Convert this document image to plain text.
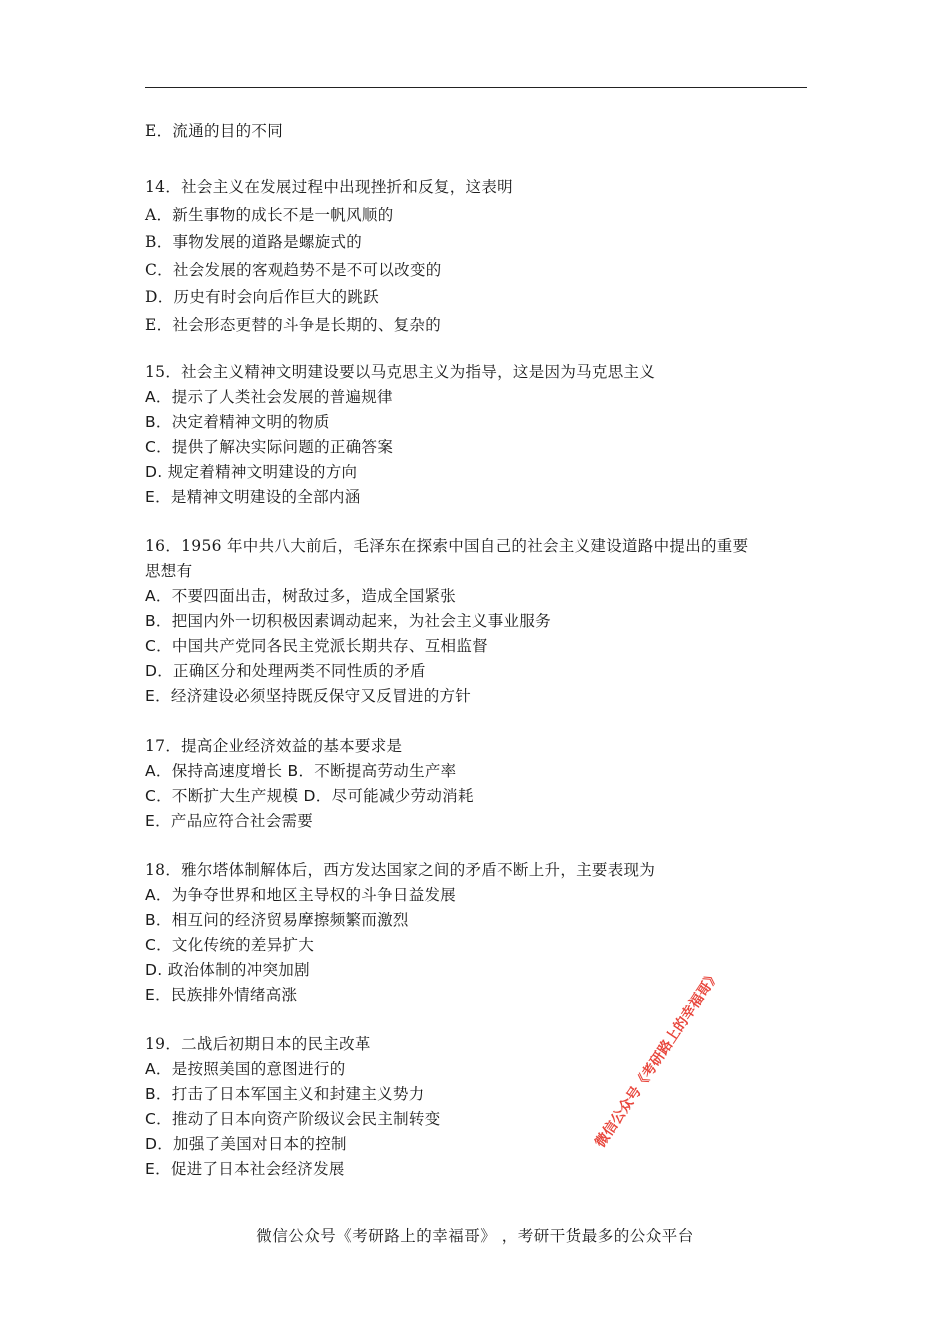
E．流通的目的不同
14．社会主义在发展过程中出现挫折和反复，这表明
A．新生事物的成长不是一帆风顺的
B．事物发展的道路是螺旋式的
C．社会发展的客观趋势不是不可以改变的
D．历史有时会向后作巨大的跳跃
E．社会形态更替的斗争是长期的、复杂的
15．社会主义精神文明建设要以马克思主义为指导，这是因为马克思主义
A．提示了人类社会发展的普遍规律
B．决定着精神文明的物质
C．提供了解决实际问题的正确答案
D. 规定着精神文明建设的方向
E．是精神文明建设的全部内涵
16．1956 年中共八大前后，毛泽东在探索中国自己的社会主义建设道路中提出的重要
思想有
A．不要四面出击，树敌过多，造成全国紧张
B．把国内外一切积极因素调动起来，为社会主义事业服务
C．中国共产党同各民主党派长期共存、互相监督
D．正确区分和处理两类不同性质的矛盾
E．经济建设必须坚持既反保守又反冒进的方针
17．提高企业经济效益的基本要求是
A．保持高速度增长 B．不断提高劳动生产率
C．不断扩大生产规模 D．尽可能减少劳动消耗
E．产品应符合社会需要
18．雅尔塔体制解体后，西方发达国家之间的矛盾不断上升，主要表现为
A．为争夺世界和地区主导权的斗争日益发展
B．相互问的经济贸易摩擦频繁而激烈
C．文化传统的差异扩大
D. 政治体制的冲突加剧
E．民族排外情绪高涨
19．二战后初期日本的民主改革
A．是按照美国的意图进行的
B．打击了日本军国主义和封建主义势力
C．推动了日本向资产阶级议会民主制转变
D．加强了美国对日本的控制
E．促进了日本社会经济发展
微信公众号《考研路上的幸福哥》
微信公众号《考研路上的幸福哥》 ，考研干货最多的公众平台
